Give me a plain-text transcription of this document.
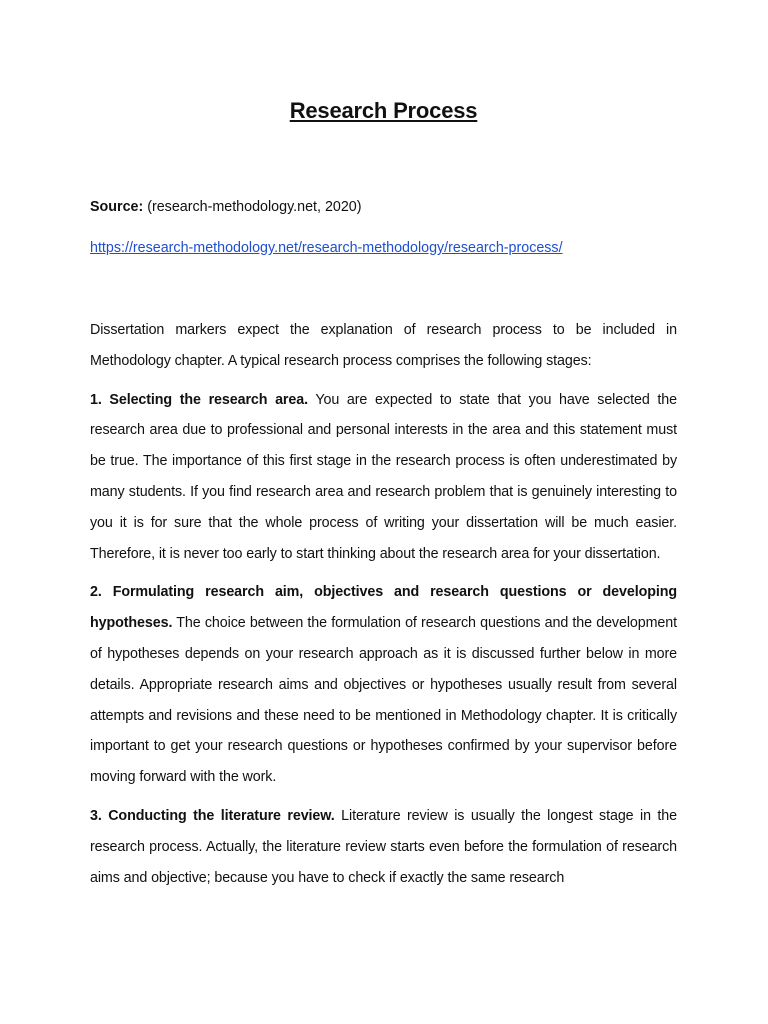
Research Process

Source: (research-methodology.net, 2020)

https://research-methodology.net/research-methodology/research-process/

Dissertation markers expect the explanation of research process to be included in Methodology chapter. A typical research process comprises the following stages:

1. Selecting the research area. You are expected to state that you have selected the research area due to professional and personal interests in the area and this statement must be true. The importance of this first stage in the research process is often underestimated by many students. If you find research area and research problem that is genuinely interesting to you it is for sure that the whole process of writing your dissertation will be much easier. Therefore, it is never too early to start thinking about the research area for your dissertation.

2. Formulating research aim, objectives and research questions or developing hypotheses. The choice between the formulation of research questions and the development of hypotheses depends on your research approach as it is discussed further below in more details. Appropriate research aims and objectives or hypotheses usually result from several attempts and revisions and these need to be mentioned in Methodology chapter. It is critically important to get your research questions or hypotheses confirmed by your supervisor before moving forward with the work.

3. Conducting the literature review. Literature review is usually the longest stage in the research process. Actually, the literature review starts even before the formulation of research aims and objective; because you have to check if exactly the same research
